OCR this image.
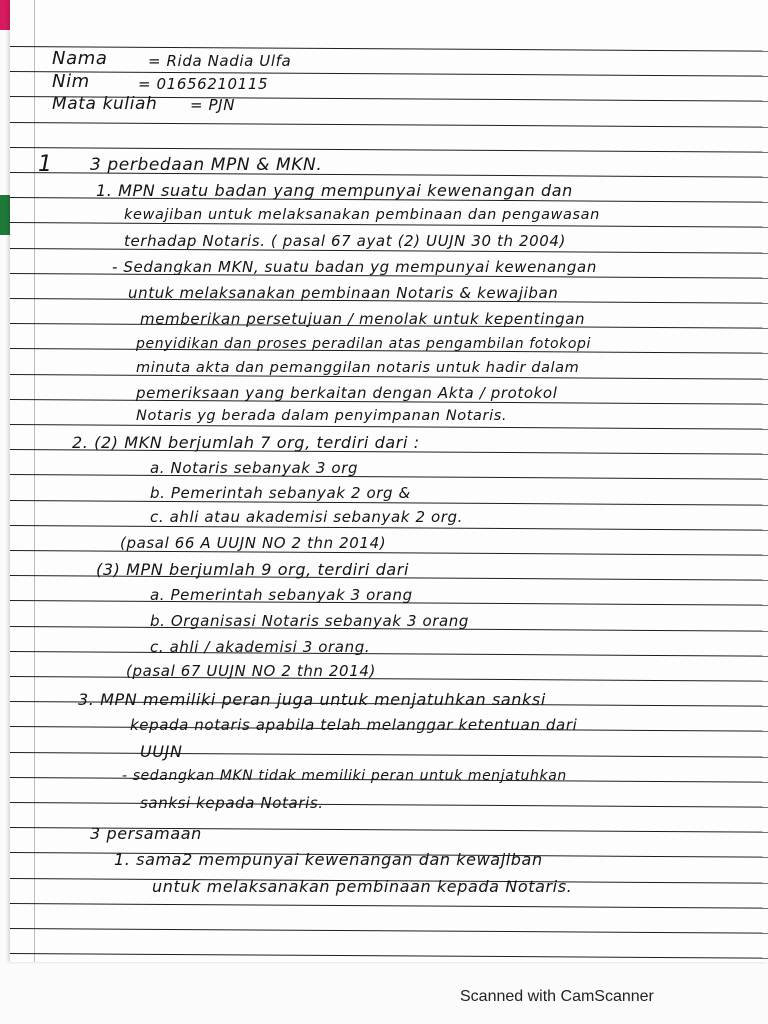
Nama	= Rida Nadia Ulfa
Nim	= 01656210115
Mata kuliah = PJN
1 3 perbedaan MPN & MKN.
1. MPN suatu badan yang mempunyai kewenangan dan
kewajiban untuk melaksanakan pembinaan dan pengawasan
terhadap Notaris. ( pasal 67 ayat (2) UUJN 30 th 2004)
- Sedangkan MKN, suatu badan yg mempunyai kewenangan
untuk melaksanakan pembinaan Notaris & kewajiban
memberikan persetujuan / menolak untuk kepentingan
penyidikan dan proses peradilan atas pengambilan fotokopi
minuta akta dan pemanggilan notaris untuk hadir dalam
pemeriksaan yang berkaitan dengan Akta / protokol
Notaris yg berada dalam penyimpanan Notaris.
2. (2) MKN berjumlah 7 org, terdiri dari :
a. Notaris sebanyak 3 org
b. Pemerintah sebanyak 2 org &
c. ahli atau akademisi sebanyak 2 org.
(pasal 66 A UUJN NO 2 thn 2014)
(3) MPN berjumlah 9 org, terdiri dari
a. Pemerintah sebanyak 3 orang
b. Organisasi Notaris sebanyak 3 orang
c. ahli / akademisi 3 orang.
(pasal 67 UUJN NO 2 thn 2014)
3. MPN memiliki peran juga untuk menjatuhkan sanksi
kepada notaris apabila telah melanggar ketentuan dari
UUJN
- sedangkan MKN tidak memiliki peran untuk menjatuhkan
sanksi kepada Notaris.
3 persamaan
1. sama2 mempunyai kewenangan dan kewajiban
untuk melaksanakan pembinaan kepada Notaris.
Scanned with CamScanner
